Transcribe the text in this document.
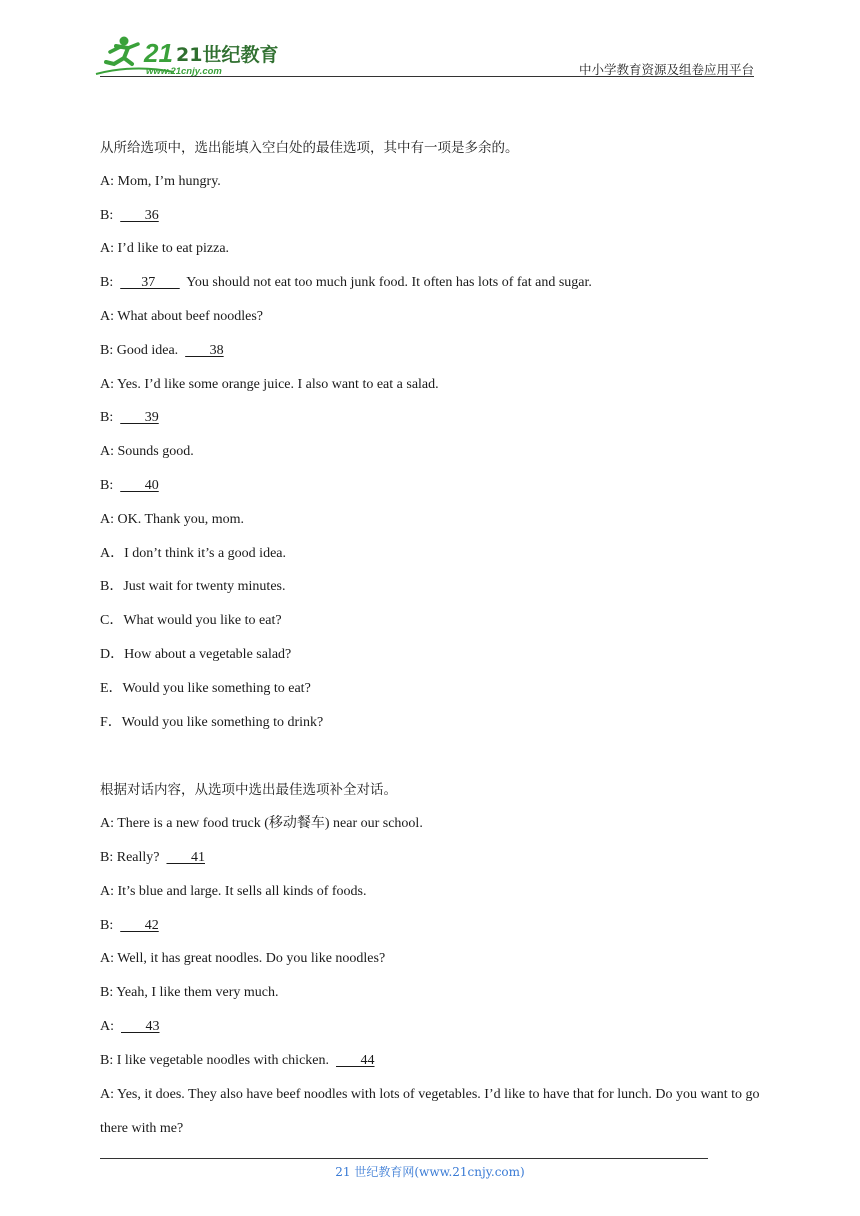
21 21世纪教育
www.21cnjy.com	中小学教育资源及组卷应用平台

从所给选项中，选出能填入空白处的最佳选项，其中有一项是多余的。

A: Mom, I’m hungry.

B:         36

A: I’d like to eat pizza.

B:        37         You should not eat too much junk food. It often has lots of fat and sugar.

A: What about beef noodles?

B: Good idea.         38

A: Yes. I’d like some orange juice. I also want to eat a salad.

B:         39

A: Sounds good.

B:         40

A: OK. Thank you, mom.

A．I don’t think it’s a good idea.

B．Just wait for twenty minutes.

C．What would you like to eat?

D．How about a vegetable salad?

E．Would you like something to eat?

F．Would you like something to drink?

根据对话内容，从选项中选出最佳选项补全对话。

A: There is a new food truck (移动餐车) near our school.

B: Really?         41

A: It’s blue and large. It sells all kinds of foods.

B:         42

A: Well, it has great noodles. Do you like noodles?

B: Yeah, I like them very much.

A:         43

B: I like vegetable noodles with chicken.         44

A: Yes, it does. They also have beef noodles with lots of vegetables. I’d like to have that for lunch. Do you want to go there with me?

21 世纪教育网(www.21cnjy.com)
